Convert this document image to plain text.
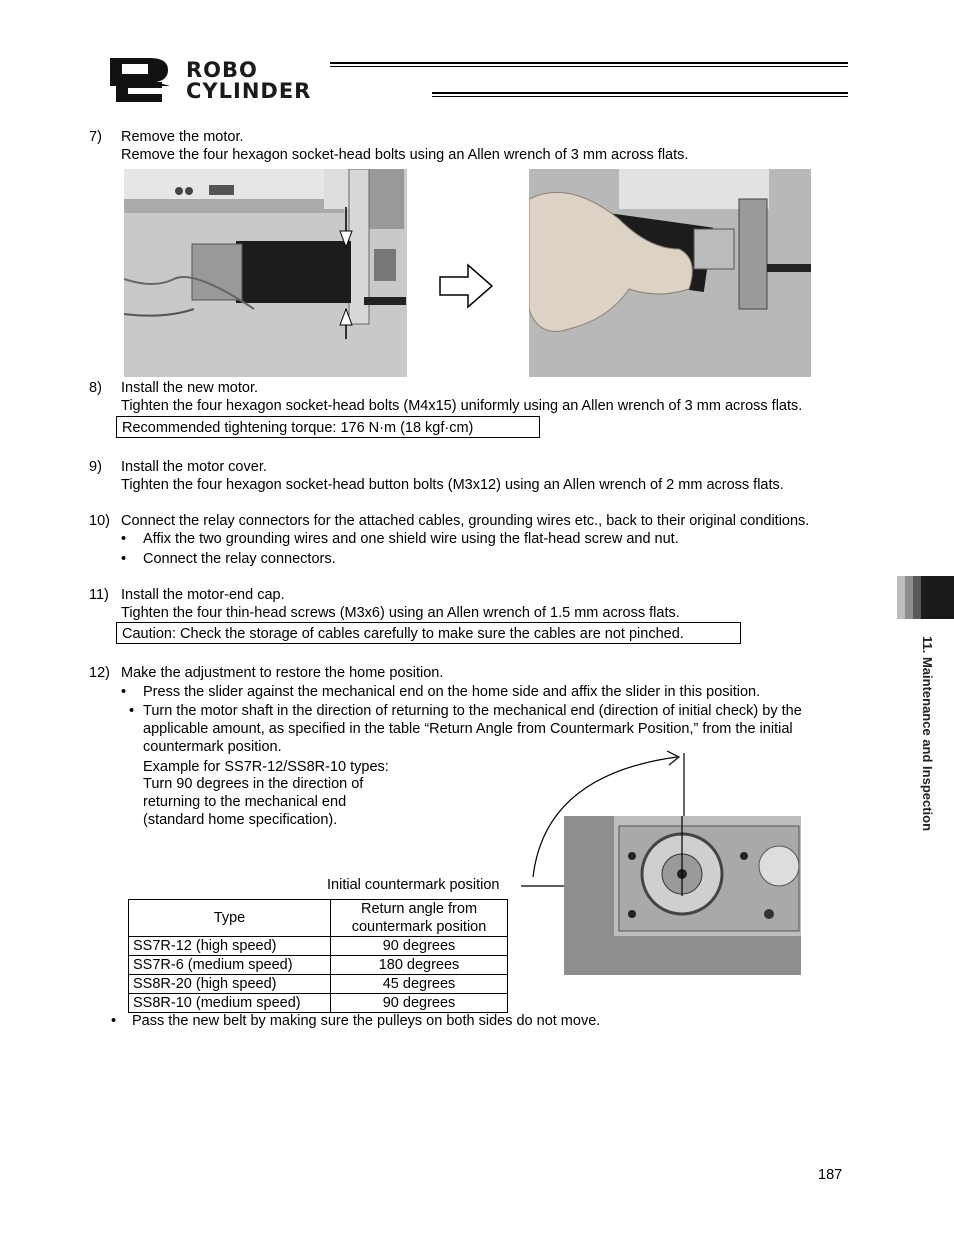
ROBO
CYLINDER
7) Remove the motor.
Remove the four hexagon socket-head bolts using an Allen wrench of 3 mm across flats.
8) Install the new motor.
Tighten the four hexagon socket-head bolts (M4x15) uniformly using an Allen wrench of 3 mm across flats.
Recommended tightening torque: 176 N·m (18 kgf·cm)
9) Install the motor cover.
Tighten the four hexagon socket-head button bolts (M3x12) using an Allen wrench of 2 mm across flats.
10) Connect the relay connectors for the attached cables, grounding wires etc., back to their original conditions.
• Affix the two grounding wires and one shield wire using the flat-head screw and nut.
• Connect the relay connectors.
11) Install the motor-end cap.
Tighten the four thin-head screws (M3x6) using an Allen wrench of 1.5 mm across flats.
Caution: Check the storage of cables carefully to make sure the cables are not pinched.
12) Make the adjustment to restore the home position.
• Press the slider against the mechanical end on the home side and affix the slider in this position.
• Turn the motor shaft in the direction of returning to the mechanical end (direction of initial check) by the
applicable amount, as specified in the table “Return Angle from Countermark Position,” from the initial
countermark position.
Example for SS7R-12/SS8R-10 types:
Turn 90 degrees in the direction of
returning to the mechanical end
(standard home specification).
Initial countermark position
Type	Return angle from
countermark position

SS7R-12 (high speed)	90 degrees
SS7R-6 (medium speed)	180 degrees
SS8R-20 (high speed)	45 degrees
SS8R-10 (medium speed)	90 degrees
• Pass the new belt by making sure the pulleys on both sides do not move.
11. Maintenance and Inspection
187
